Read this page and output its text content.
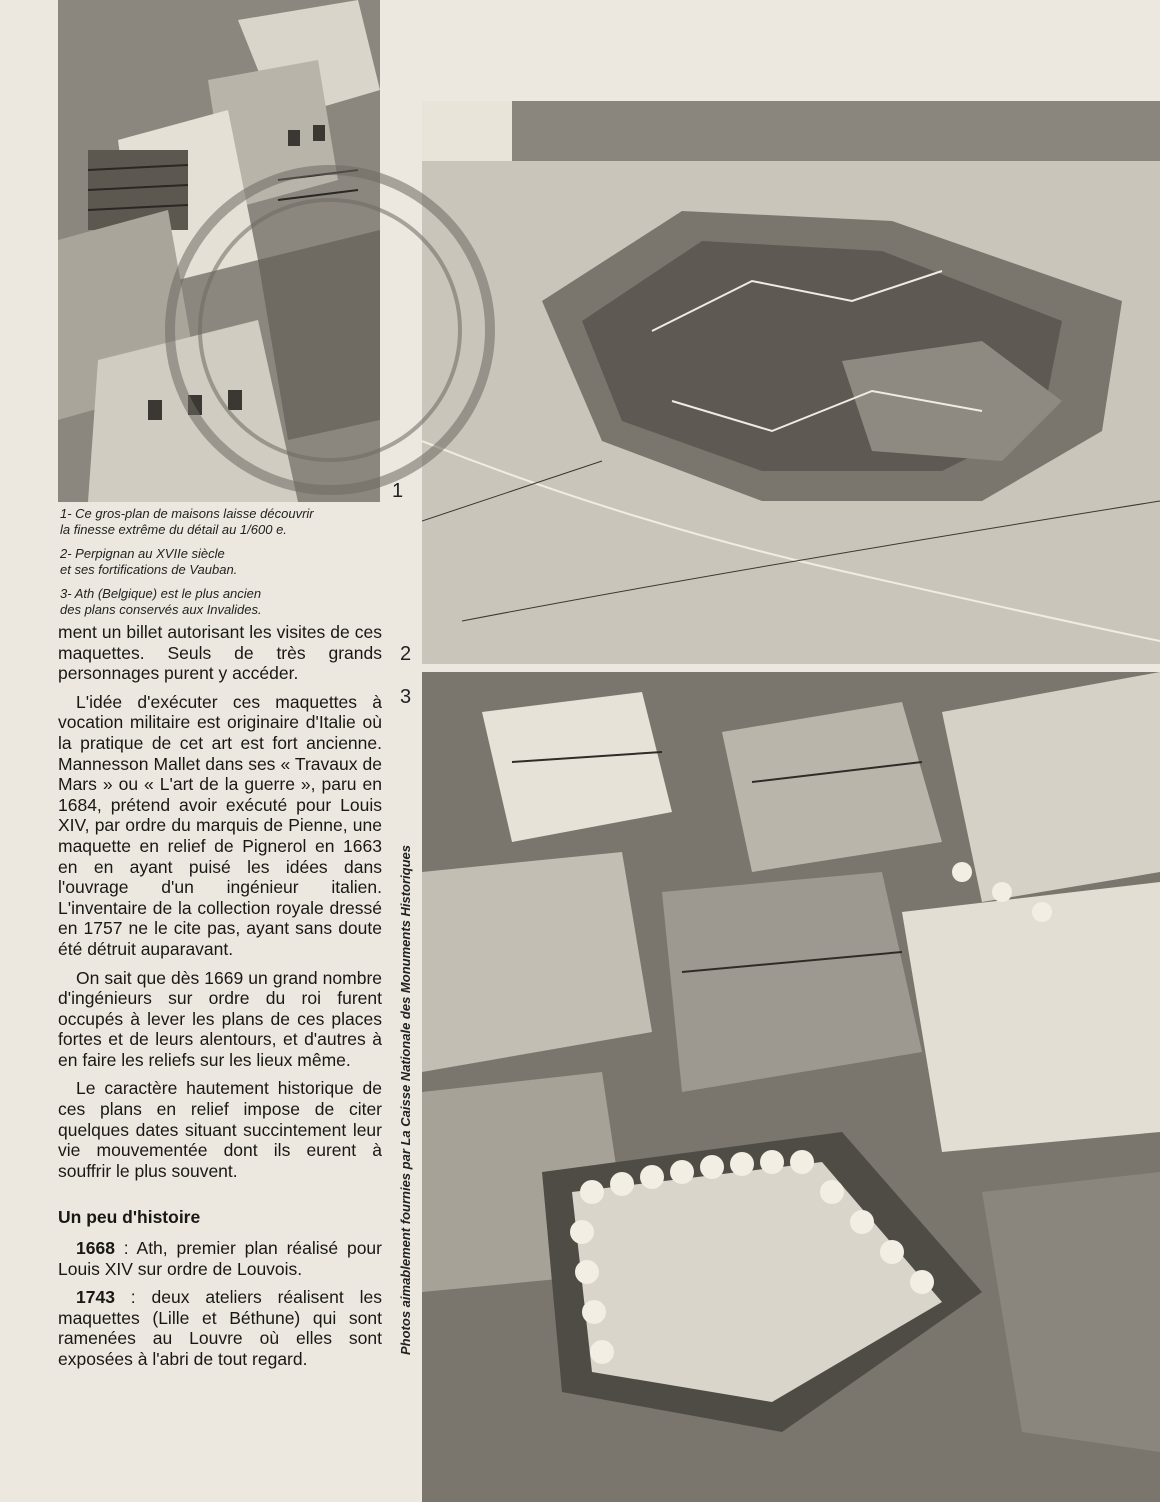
1
2
3

1- Ce gros-plan de maisons laisse découvrir
la finesse extrême du détail au 1/600 e.

2- Perpignan au XVIIe siècle
et ses fortifications de Vauban.

3- Ath (Belgique) est le plus ancien
des plans conservés aux Invalides.

Photos aimablement fournies par La Caisse Nationale des Monuments Historiques

ment un billet autorisant les visites de ces maquettes. Seuls de très grands personnages purent y accéder.

L'idée d'exécuter ces maquettes à vocation militaire est originaire d'Italie où la pratique de cet art est fort ancienne. Mannesson Mallet dans ses « Travaux de Mars » ou « L'art de la guerre », paru en 1684, prétend avoir exécuté pour Louis XIV, par ordre du marquis de Pienne, une maquette en relief de Pignerol en 1663 en en ayant puisé les idées dans l'ouvrage d'un ingénieur italien. L'inventaire de la collection royale dressé en 1757 ne le cite pas, ayant sans doute été détruit auparavant.

On sait que dès 1669 un grand nombre d'ingénieurs sur ordre du roi furent occupés à lever les plans de ces places fortes et de leurs alentours, et d'autres à en faire les reliefs sur les lieux même.

Le caractère hautement historique de ces plans en relief impose de citer quelques dates situant succintement leur vie mouvementée dont ils eurent à souffrir le plus souvent.

Un peu d'histoire

1668 : Ath, premier plan réalisé pour Louis XIV sur ordre de Louvois.

1743 : deux ateliers réalisent les maquettes (Lille et Béthune) qui sont ramenées au Louvre où elles sont exposées à l'abri de tout regard.
